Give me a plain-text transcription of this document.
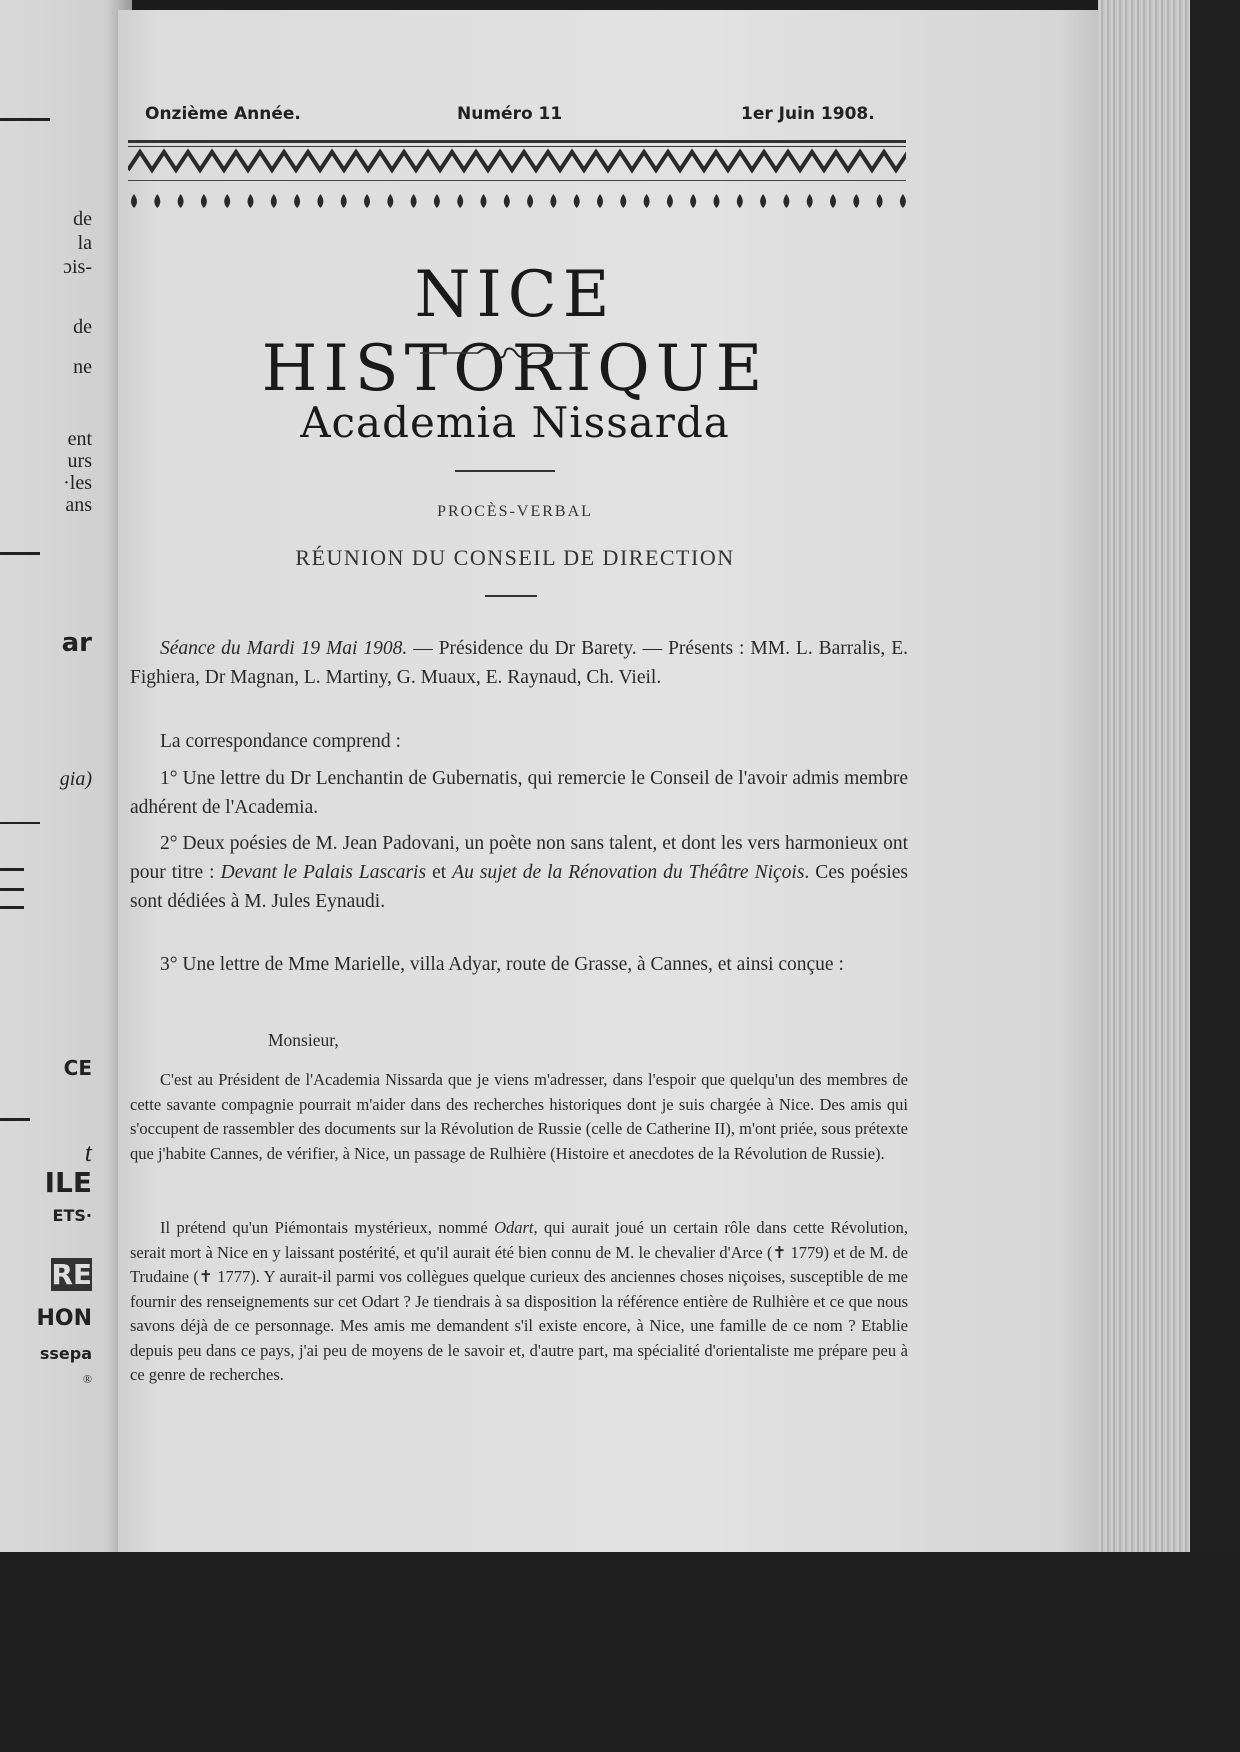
de
la
ɔis-
de
ne
ent
urs
·les
ans
ar
gia)
CE
t
ILE
ETS·
RE
HON
ssepa
®
Onzième Année.	Numéro 11	1er Juin 1908.
NICE HISTORIQUE
Academia Nissarda
PROCÈS-VERBAL
RÉUNION DU CONSEIL DE DIRECTION

Séance du Mardi 19 Mai 1908. — Présidence du Dr Barety. — Présents : MM. L. Barralis, E. Fighiera, Dr Magnan, L. Martiny, G. Muaux, E. Raynaud, Ch. Vieil.

La correspondance comprend :

1° Une lettre du Dr Lenchantin de Gubernatis, qui remercie le Conseil de l'avoir admis membre adhérent de l'Academia.

2° Deux poésies de M. Jean Padovani, un poète non sans talent, et dont les vers harmonieux ont pour titre : Devant le Palais Lascaris et Au sujet de la Rénovation du Théâtre Niçois. Ces poésies sont dédiées à M. Jules Eynaudi.

3° Une lettre de Mme Marielle, villa Adyar, route de Grasse, à Cannes, et ainsi conçue :

Monsieur,

C'est au Président de l'Academia Nissarda que je viens m'adresser, dans l'espoir que quelqu'un des membres de cette savante compagnie pourrait m'aider dans des recherches historiques dont je suis chargée à Nice. Des amis qui s'occupent de rassembler des documents sur la Révolution de Russie (celle de Catherine II), m'ont priée, sous prétexte que j'habite Cannes, de vérifier, à Nice, un passage de Rulhière (Histoire et anecdotes de la Révolution de Russie).

Il prétend qu'un Piémontais mystérieux, nommé Odart, qui aurait joué un certain rôle dans cette Révolution, serait mort à Nice en y laissant postérité, et qu'il aurait été bien connu de M. le chevalier d'Arce (✝ 1779) et de M. de Trudaine (✝ 1777). Y aurait-il parmi vos collègues quelque curieux des anciennes choses niçoises, susceptible de me fournir des renseignements sur cet Odart ? Je tiendrais à sa disposition la référence entière de Rulhière et ce que nous savons déjà de ce personnage. Mes amis me demandent s'il existe encore, à Nice, une famille de ce nom ? Etablie depuis peu dans ce pays, j'ai peu de moyens de le savoir et, d'autre part, ma spécialité d'orientaliste me prépare peu à ce genre de recherches.
